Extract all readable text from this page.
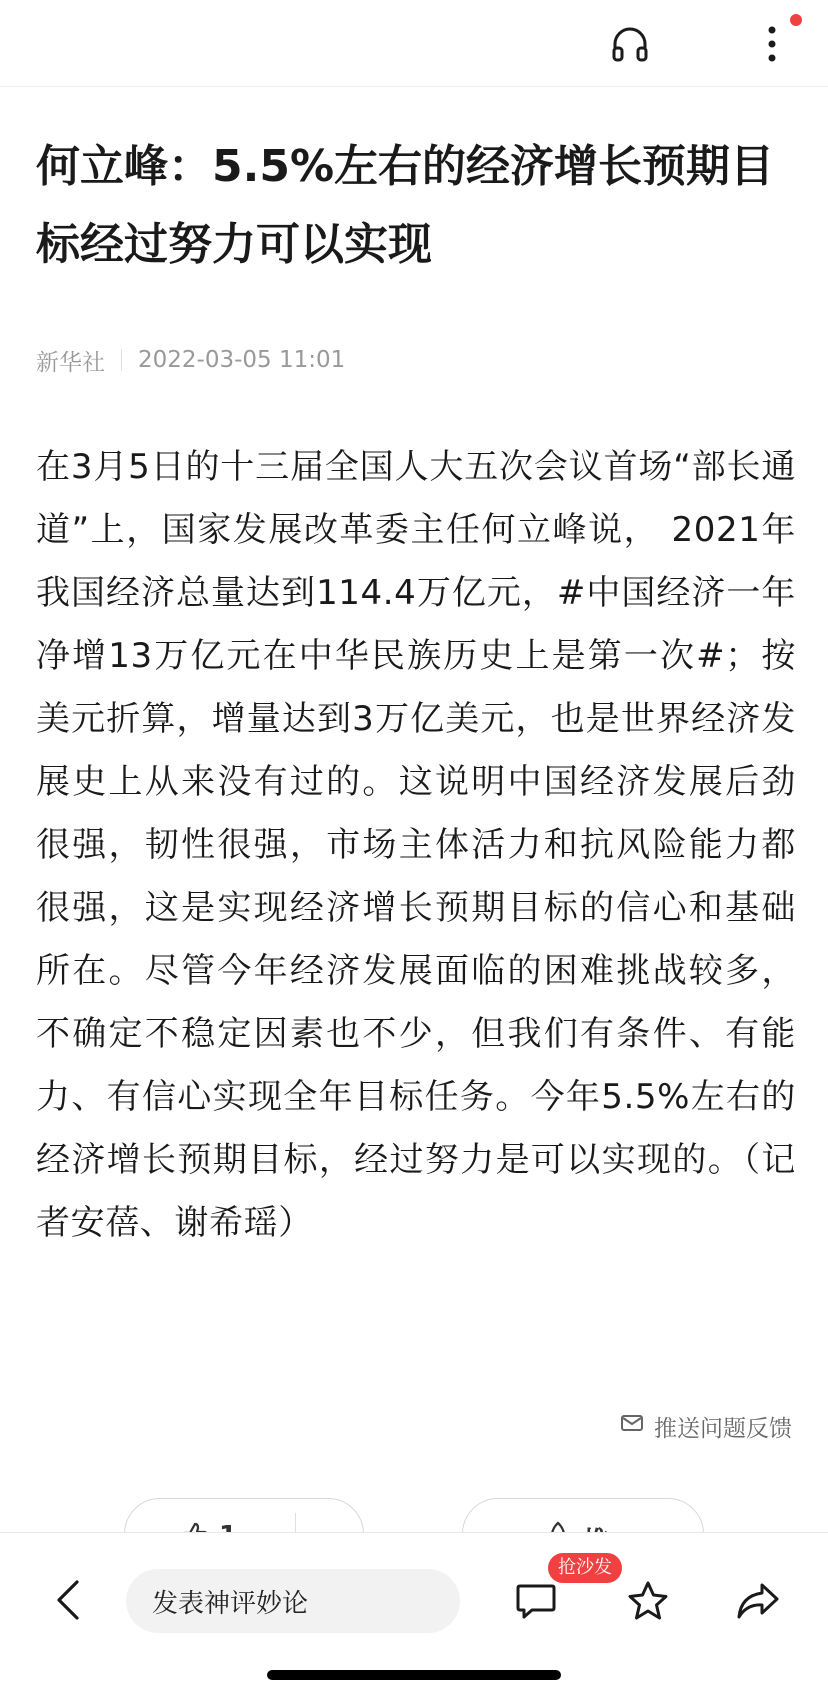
何立峰：5.5%左右的经济增长预期目标经过努力可以实现
新华社 2022-03-05 11:01

在3月5日的十三届全国人大五次会议首场“部长通道”上，国家发展改革委主任何立峰说， 2021年我国经济总量达到114.4万亿元，#中国经济一年净增13万亿元在中华民族历史上是第一次#；按美元折算，增量达到3万亿美元，也是世界经济发展史上从来没有过的。这说明中国经济发展后劲很强，韧性很强，市场主体活力和抗风险能力都很强，这是实现经济增长预期目标的信心和基础所在。尽管今年经济发展面临的困难挑战较多，不确定不稳定因素也不少，但我们有条件、有能力、有信心实现全年目标任务。今年5.5%左右的经济增长预期目标，经过努力是可以实现的。（记者安蓓、谢希瑶）

推送问题反馈
发表神评妙论
抢沙发
